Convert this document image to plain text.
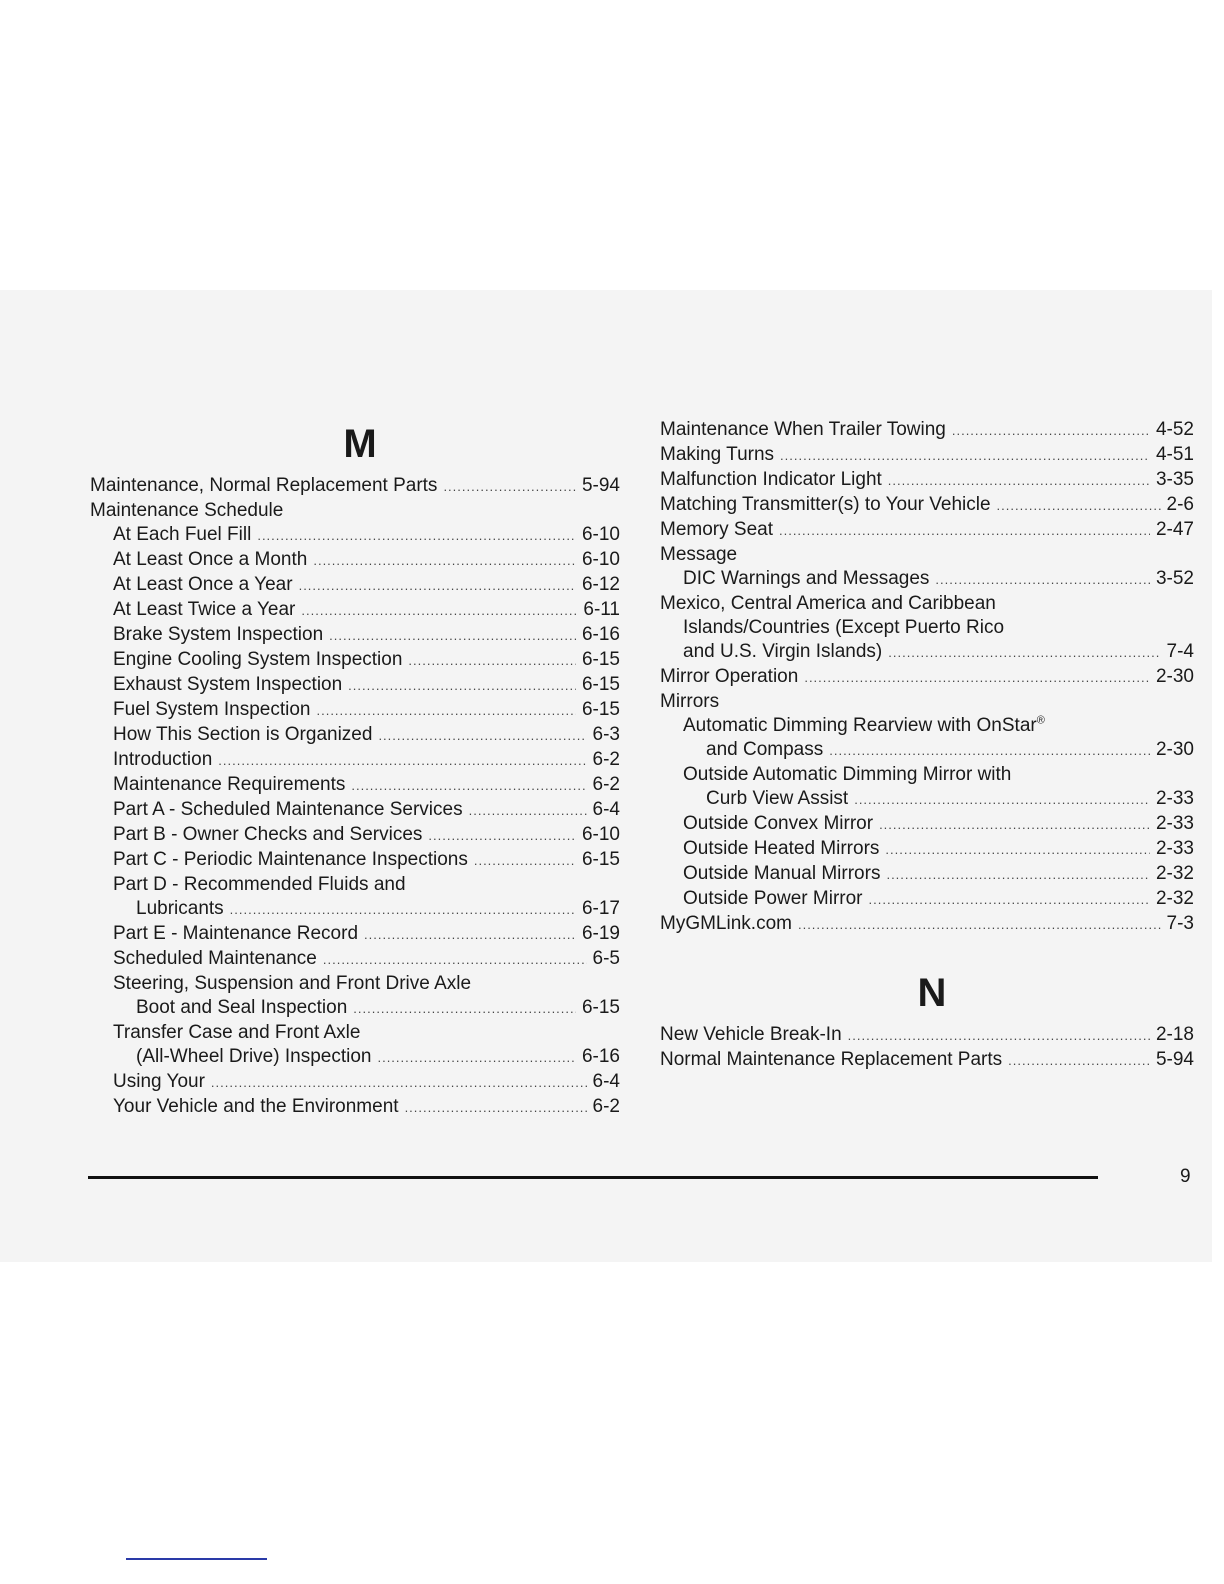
M
Maintenance, Normal Replacement Parts .....	5-94
Maintenance Schedule
At Each Fuel Fill .....	6-10
At Least Once a Month .....	6-10
At Least Once a Year .....	6-12
At Least Twice a Year .....	6-11
Brake System Inspection .....	6-16
Engine Cooling System Inspection .....	6-15
Exhaust System Inspection .....	6-15
Fuel System Inspection .....	6-15
How This Section is Organized .....	6-3
Introduction .....	6-2
Maintenance Requirements .....	6-2
Part A - Scheduled Maintenance Services .....	6-4
Part B - Owner Checks and Services .....	6-10
Part C - Periodic Maintenance Inspections .....	6-15
Part D - Recommended Fluids and
Lubricants .....	6-17
Part E - Maintenance Record .....	6-19
Scheduled Maintenance .....	6-5
Steering, Suspension and Front Drive Axle
Boot and Seal Inspection .....	6-15
Transfer Case and Front Axle
(All-Wheel Drive) Inspection .....	6-16
Using Your .....	6-4
Your Vehicle and the Environment .....	6-2
Maintenance When Trailer Towing .....	4-52
Making Turns .....	4-51
Malfunction Indicator Light .....	3-35
Matching Transmitter(s) to Your Vehicle .....	2-6
Memory Seat .....	2-47
Message
DIC Warnings and Messages .....	3-52
Mexico, Central America and Caribbean
Islands/Countries (Except Puerto Rico
and U.S. Virgin Islands) .....	7-4
Mirror Operation .....	2-30
Mirrors
Automatic Dimming Rearview with OnStar®
and Compass .....	2-30
Outside Automatic Dimming Mirror with
Curb View Assist .....	2-33
Outside Convex Mirror .....	2-33
Outside Heated Mirrors .....	2-33
Outside Manual Mirrors .....	2-32
Outside Power Mirror .....	2-32
MyGMLink.com .....	7-3
N
New Vehicle Break-In .....	2-18
Normal Maintenance Replacement Parts .....	5-94
9
